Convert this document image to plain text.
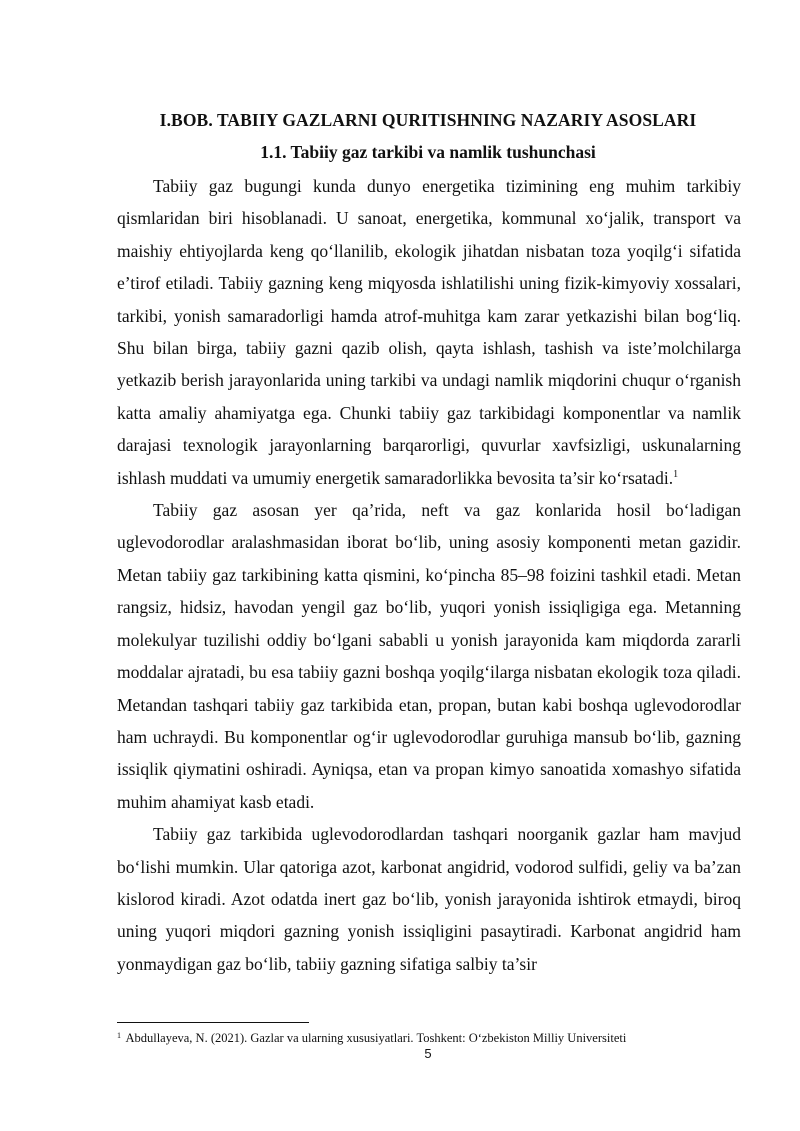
I.BOB. TABIIY GAZLARNI QURITISHNING NAZARIY ASOSLARI
1.1. Tabiiy gaz tarkibi va namlik tushunchasi

Tabiiy gaz bugungi kunda dunyo energetika tizimining eng muhim tarkibiy qismlaridan biri hisoblanadi. U sanoat, energetika, kommunal xo‘jalik, transport va maishiy ehtiyojlarda keng qo‘llanilib, ekologik jihatdan nisbatan toza yoqilg‘i sifatida e’tirof etiladi. Tabiiy gazning keng miqyosda ishlatilishi uning fizik-kimyoviy xossalari, tarkibi, yonish samaradorligi hamda atrof-muhitga kam zarar yetkazishi bilan bog‘liq. Shu bilan birga, tabiiy gazni qazib olish, qayta ishlash, tashish va iste’molchilarga yetkazib berish jarayonlarida uning tarkibi va undagi namlik miqdorini chuqur o‘rganish katta amaliy ahamiyatga ega. Chunki tabiiy gaz tarkibidagi komponentlar va namlik darajasi texnologik jarayonlarning barqarorligi, quvurlar xavfsizligi, uskunalarning ishlash muddati va umumiy energetik samaradorlikka bevosita ta’sir ko‘rsatadi.$^1$

Tabiiy gaz asosan yer qa’rida, neft va gaz konlarida hosil bo‘ladigan uglevodorodlar aralashmasidan iborat bo‘lib, uning asosiy komponenti metan gazidir. Metan tabiiy gaz tarkibining katta qismini, ko‘pincha 85–98 foizini tashkil etadi. Metan rangsiz, hidsiz, havodan yengil gaz bo‘lib, yuqori yonish issiqligiga ega. Metanning molekulyar tuzilishi oddiy bo‘lgani sababli u yonish jarayonida kam miqdorda zararli moddalar ajratadi, bu esa tabiiy gazni boshqa yoqilg‘ilarga nisbatan ekologik toza qiladi. Metandan tashqari tabiiy gaz tarkibida etan, propan, butan kabi boshqa uglevodorodlar ham uchraydi. Bu komponentlar og‘ir uglevodorodlar guruhiga mansub bo‘lib, gazning issiqlik qiymatini oshiradi. Ayniqsa, etan va propan kimyo sanoatida xomashyo sifatida muhim ahamiyat kasb etadi.

Tabiiy gaz tarkibida uglevodorodlardan tashqari noorganik gazlar ham mavjud bo‘lishi mumkin. Ular qatoriga azot, karbonat angidrid, vodorod sulfidi, geliy va ba’zan kislorod kiradi. Azot odatda inert gaz bo‘lib, yonish jarayonida ishtirok etmaydi, biroq uning yuqori miqdori gazning yonish issiqligini pasaytiradi. Karbonat angidrid ham yonmaydigan gaz bo‘lib, tabiiy gazning sifatiga salbiy ta’sir

$^1$ Abdullayeva, N. (2021). Gazlar va ularning xususiyatlari. Toshkent: O‘zbekiston Milliy Universiteti
5
